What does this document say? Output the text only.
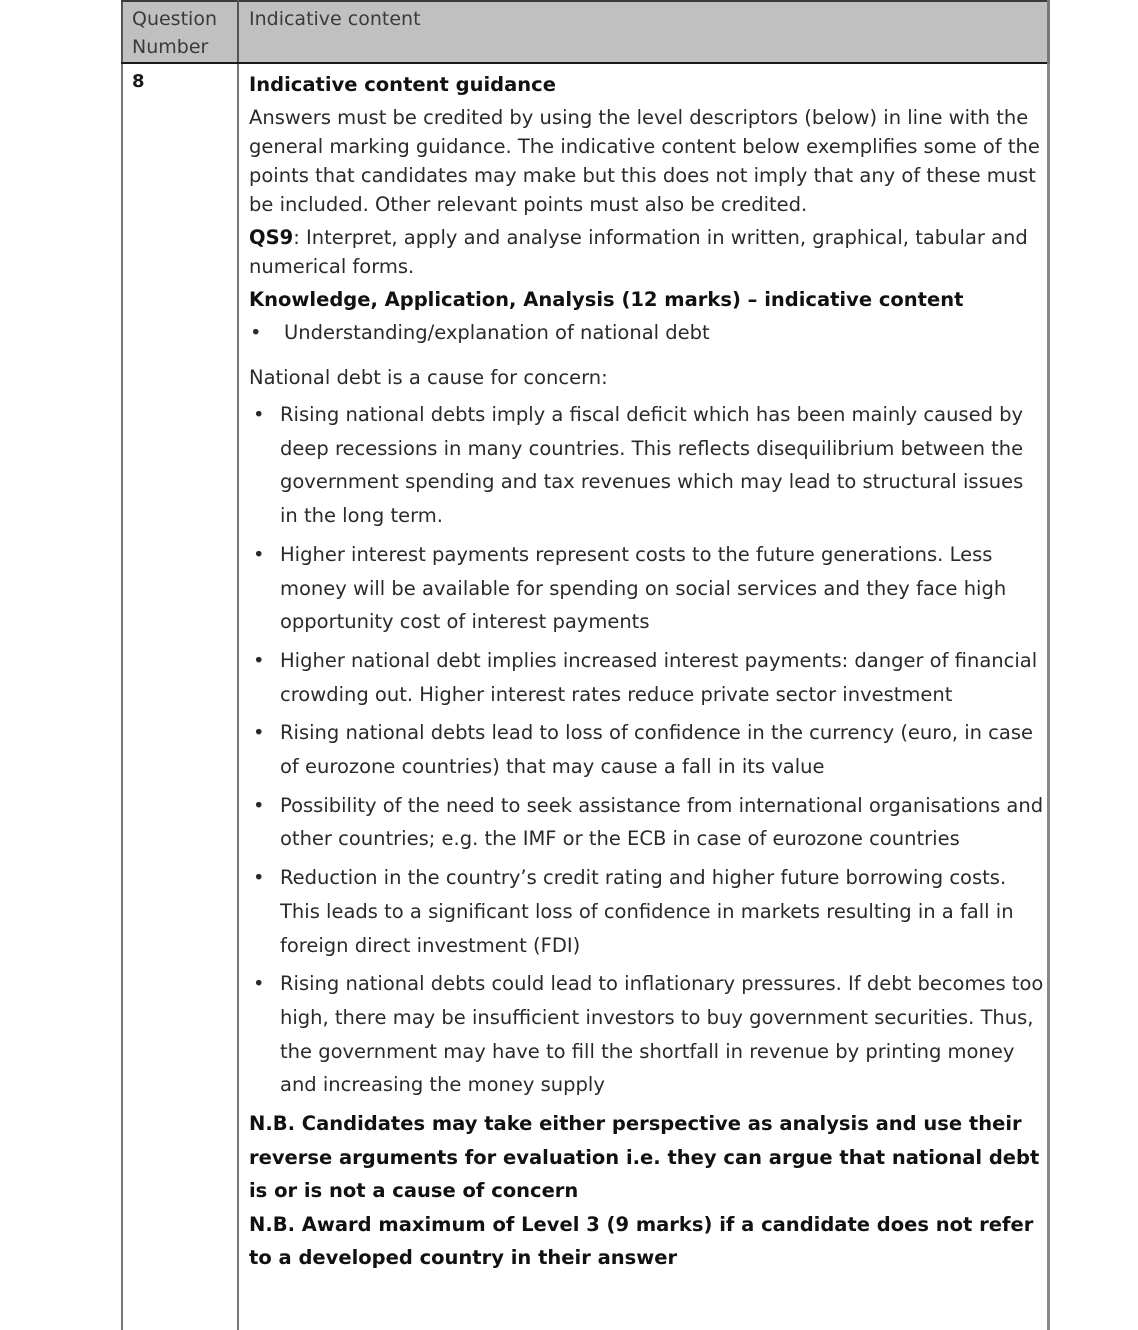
Question Number	Indicative content
8	Indicative content guidance

Answers must be credited by using the level descriptors (below) in line with the general marking guidance. The indicative content below exemplifies some of the points that candidates may make but this does not imply that any of these must be included. Other relevant points must also be credited.

QS9: Interpret, apply and analyse information in written, graphical, tabular and numerical forms.

Knowledge, Application, Analysis (12 marks) – indicative content

• Understanding/explanation of national debt

National debt is a cause for concern:

• Rising national debts imply a fiscal deficit which has been mainly caused by deep recessions in many countries. This reflects disequilibrium between the government spending and tax revenues which may lead to structural issues in the long term.
• Higher interest payments represent costs to the future generations. Less money will be available for spending on social services and they face high opportunity cost of interest payments
• Higher national debt implies increased interest payments: danger of financial crowding out. Higher interest rates reduce private sector investment
• Rising national debts lead to loss of confidence in the currency (euro, in case of eurozone countries) that may cause a fall in its value
• Possibility of the need to seek assistance from international organisations and other countries; e.g. the IMF or the ECB in case of eurozone countries
• Reduction in the country’s credit rating and higher future borrowing costs. This leads to a significant loss of confidence in markets resulting in a fall in foreign direct investment (FDI)
• Rising national debts could lead to inflationary pressures. If debt becomes too high, there may be insufficient investors to buy government securities. Thus, the government may have to fill the shortfall in revenue by printing money and increasing the money supply

N.B. Candidates may take either perspective as analysis and use their reverse arguments for evaluation i.e. they can argue that national debt is or is not a cause of concern

N.B. Award maximum of Level 3 (9 marks) if a candidate does not refer to a developed country in their answer
